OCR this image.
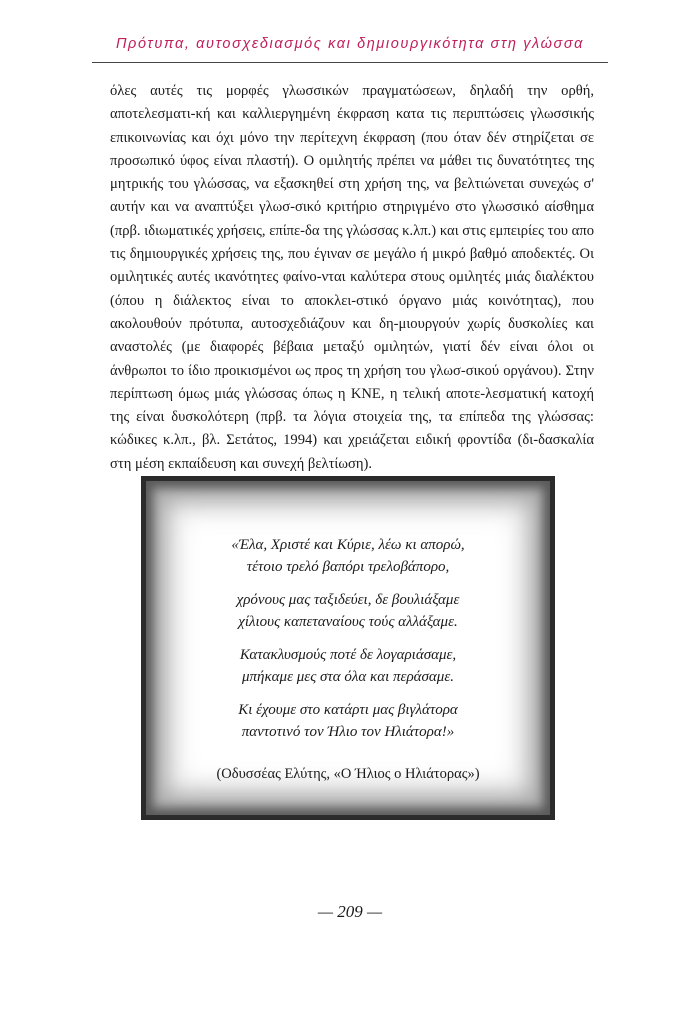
Πρότυπα, αυτοσχεδιασμός και δημιουργικότητα στη γλώσσα

όλες αυτές τις μορφές γλωσσικών πραγματώσεων, δηλαδή την ορθή, αποτελεσματι-κή και καλλιεργημένη έκφραση κατα τις περιπτώσεις γλωσσικής επικοινωνίας και όχι μόνο την περίτεχνη έκφραση (που όταν δέν στηρίζεται σε προσωπικό ύφος είναι πλαστή). Ο ομιλητής πρέπει να μάθει τις δυνατότητες της μητρικής του γλώσσας, να εξασκηθεί στη χρήση της, να βελτιώνεται συνεχώς σ' αυτήν και να αναπτύξει γλωσ-σικό κριτήριο στηριγμένο στο γλωσσικό αίσθημα (πρβ. ιδιωματικές χρήσεις, επίπε-δα της γλώσσας κ.λπ.) και στις εμπειρίες του απο τις δημιουργικές χρήσεις της, που έγιναν σε μεγάλο ή μικρό βαθμό αποδεκτές. Οι ομιλητικές αυτές ικανότητες φαίνο-νται καλύτερα στους ομιλητές μιάς διαλέκτου (όπου η διάλεκτος είναι το αποκλει-στικό όργανο μιάς κοινότητας), που ακολουθούν πρότυπα, αυτοσχεδιάζουν και δη-μιουργούν χωρίς δυσκολίες και αναστολές (με διαφορές βέβαια μεταξύ ομιλητών, γιατί δέν είναι όλοι οι άνθρωποι το ίδιο προικισμένοι ως προς τη χρήση του γλωσ-σικού οργάνου). Στην περίπτωση όμως μιάς γλώσσας όπως η ΚΝΕ, η τελική αποτε-λεσματική κατοχή της είναι δυσκολότερη (πρβ. τα λόγια στοιχεία της, τα επίπεδα της γλώσσας: κώδικες κ.λπ., βλ. Σετάτος, 1994) και χρειάζεται ειδική φροντίδα (δι-δασκαλία στη μέση εκπαίδευση και συνεχή βελτίωση).

«Έλα, Χριστέ και Κύριε, λέω κι απορώ,
τέτοιο τρελό βαπόρι τρελοβάπορο,
χρόνους μας ταξιδεύει, δε βουλιάξαμε
χίλιους καπεταναίους τούς αλλάξαμε.
Κατακλυσμούς ποτέ δε λογαριάσαμε,
μπήκαμε μες στα όλα και περάσαμε.
Κι έχουμε στο κατάρτι μας βιγλάτορα
παντοτινό τον Ήλιο τον Ηλιάτορα!»
(Οδυσσέας Ελύτης, «Ο Ήλιος ο Ηλιάτορας»)
— 209 —
